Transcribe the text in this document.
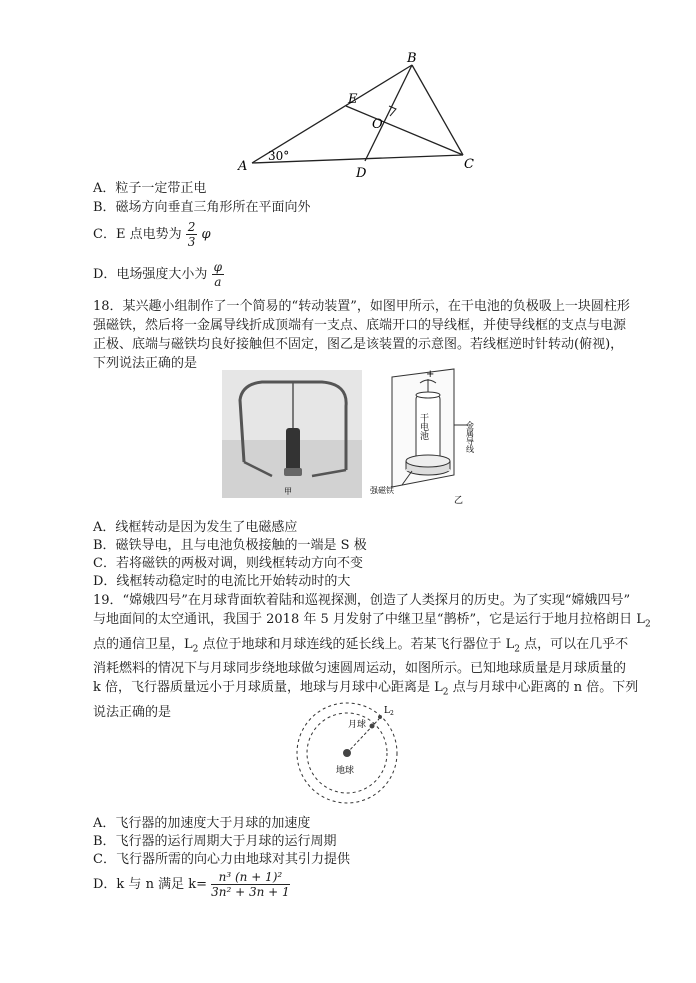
B
E
O
A
30°
D
C
A．粒子一定带正电
B．磁场方向垂直三角形所在平面向外
C．E 点电势为 $\frac{2}{3}$ φ
D．电场强度大小为 $\frac{\varphi}{a}$
18．某兴趣小组制作了一个简易的“转动装置”，如图甲所示，在干电池的负极吸上一块圆柱形
强磁铁，然后将一金属导线折成顶端有一支点、底端开口的导线框，并使导线框的支点与电源
正极、底端与磁铁均良好接触但不固定，图乙是该装置的示意图。若线框逆时针转动(俯视)，
下列说法正确的是
甲
+
干电池	金属导线
强磁铁
乙
A．线框转动是因为发生了电磁感应
B．磁铁导电，且与电池负极接触的一端是 S 极
C．若将磁铁的两极对调，则线框转动方向不变
D．线框转动稳定时的电流比开始转动时的大
19．“嫦娥四号”在月球背面软着陆和巡视探测，创造了人类探月的历史。为了实现“嫦娥四号”
与地面间的太空通讯，我国于 2018 年 5 月发射了中继卫星“鹊桥”，它是运行于地月拉格朗日 $L_2$
点的通信卫星，$L_2$ 点位于地球和月球连线的延长线上。若某飞行器位于 $L_2$ 点，可以在几乎不
消耗燃料的情况下与月球同步绕地球做匀速圆周运动，如图所示。已知地球质量是月球质量的
k 倍，飞行器质量远小于月球质量，地球与月球中心距离是 $L_2$ 点与月球中心距离的 n 倍。下列
说法正确的是
月球
$L_2$
地球
A．飞行器的加速度大于月球的加速度
B．飞行器的运行周期大于月球的运行周期
C．飞行器所需的向心力由地球对其引力提供
D．k 与 n 满足 $k= \frac{\text{n³ (n + 1)²}}{\text{3n² + 3n + 1}}$
